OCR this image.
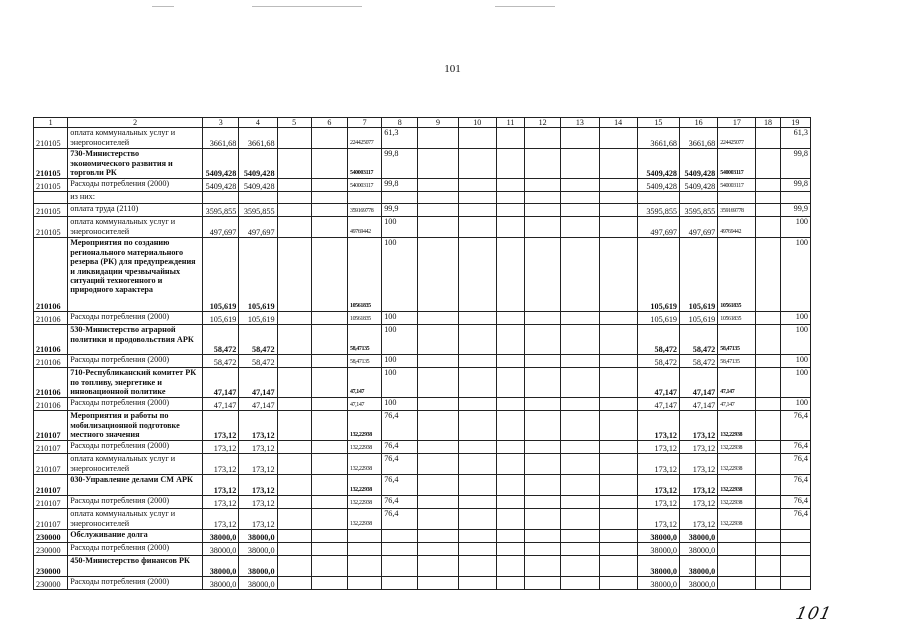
101
1	2	3	4	5	6	7	8	9	10	11	12	13	14	15	16	17	18	19
210105	оплата коммунальных услуг и энергоносителей	3661,68	3661,68			224425077	61,3							3661,68	3661,68	224425077		61,3
210105	730-Министерство экономического развития и торговли РК	5409,428	5409,428			540003117	99,8							5409,428	5409,428	540003117		99,8
210105	Расходы потребления (2000)	5409,428	5409,428			540003117	99,8							5409,428	5409,428	540003117		99,8
	из них:																	
210105	оплата труда (2110)	3595,855	3595,855			359169778	99,9							3595,855	3595,855	359169778		99,9
210105	оплата коммунальных услуг и энергоносителей	497,697	497,697			49769442	100							497,697	497,697	49769442		100
210106	Мероприятия по созданию регионального материального резерва (РК) для предупреждения и ликвидации чрезвычайных ситуаций техногенного и природного характера	105,619	105,619			10561835	100							105,619	105,619	10561835		100
210106	Расходы потребления (2000)	105,619	105,619			10561835	100							105,619	105,619	10561835		100
210106	530-Министерство аграрной политики и продовольствия АРК	58,472	58,472			58,47135	100							58,472	58,472	58,47135		100
210106	Расходы потребления (2000)	58,472	58,472			58,47135	100							58,472	58,472	58,47135		100
210106	710-Республиканский комитет РК по топливу, энергетике и инновационной политике	47,147	47,147			47,147	100							47,147	47,147	47,147		100
210106	Расходы потребления (2000)	47,147	47,147			47,147	100							47,147	47,147	47,147		100
210107	Мероприятия и работы по мобилизационной подготовке местного значения	173,12	173,12			132,22938	76,4							173,12	173,12	132,22938		76,4
210107	Расходы потребления (2000)	173,12	173,12			132,22938	76,4							173,12	173,12	132,22938		76,4
210107	оплата коммунальных услуг и энергоносителей	173,12	173,12			132,22938	76,4							173,12	173,12	132,22938		76,4
210107	030-Управление делами СМ АРК	173,12	173,12			132,22938	76,4							173,12	173,12	132,22938		76,4
210107	Расходы потребления (2000)	173,12	173,12			132,22938	76,4							173,12	173,12	132,22938		76,4
210107	оплата коммунальных услуг и энергоносителей	173,12	173,12			132,22938	76,4							173,12	173,12	132,22938		76,4
230000	Обслуживание долга	38000,0	38000,0											38000,0	38000,0			
230000	Расходы потребления (2000)	38000,0	38000,0											38000,0	38000,0			
230000	450-Министерство финансов РК	38000,0	38000,0											38000,0	38000,0			
230000	Расходы потребления (2000)	38000,0	38000,0											38000,0	38000,0			
101
